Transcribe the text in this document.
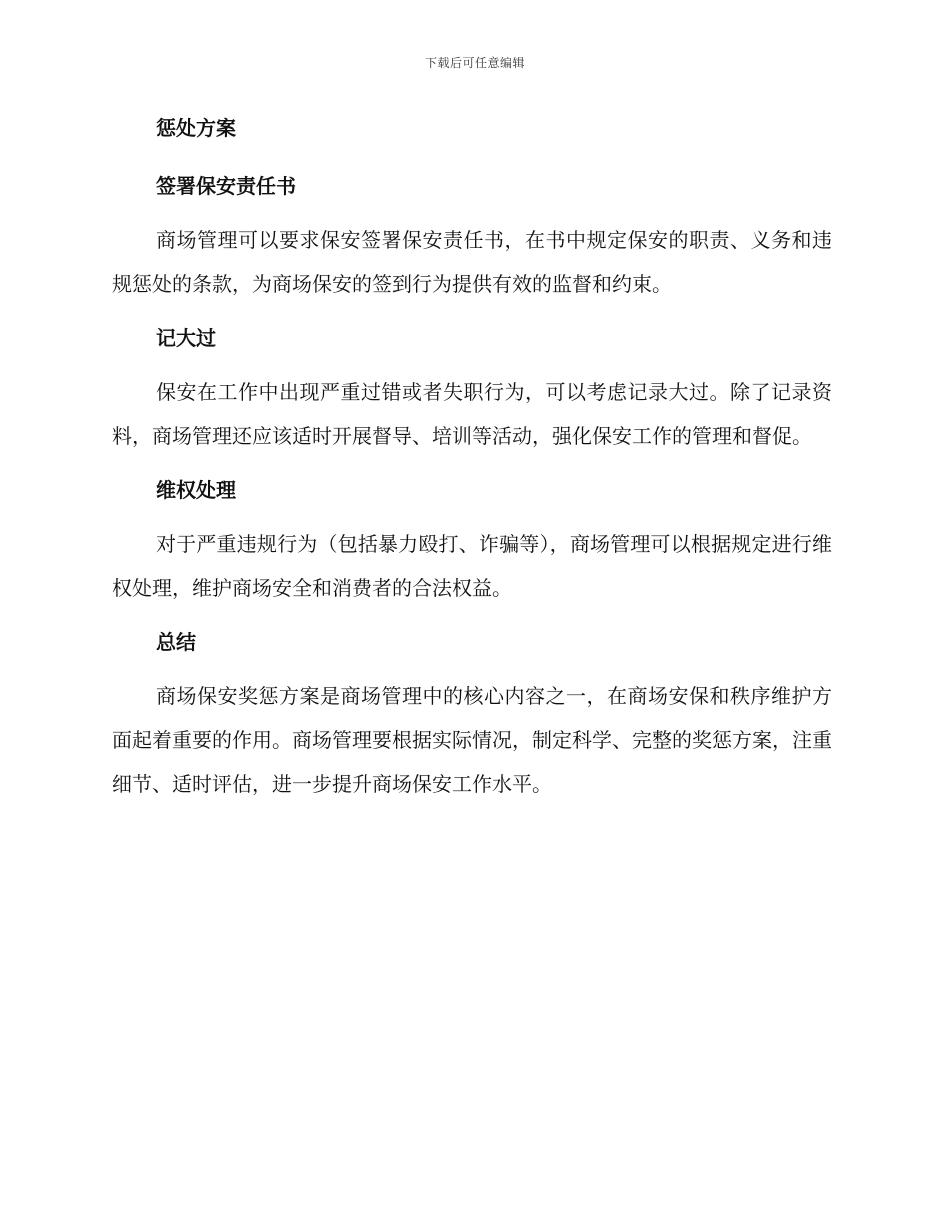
下载后可任意编辑
惩处方案
签署保安责任书

商场管理可以要求保安签署保安责任书，在书中规定保安的职责、义务和违规惩处的条款，为商场保安的签到行为提供有效的监督和约束。

记大过

保安在工作中出现严重过错或者失职行为，可以考虑记录大过。除了记录资料，商场管理还应该适时开展督导、培训等活动，强化保安工作的管理和督促。

维权处理

对于严重违规行为（包括暴力殴打、诈骗等），商场管理可以根据规定进行维权处理，维护商场安全和消费者的合法权益。

总结

商场保安奖惩方案是商场管理中的核心内容之一，在商场安保和秩序维护方面起着重要的作用。商场管理要根据实际情况，制定科学、完整的奖惩方案，注重细节、适时评估，进一步提升商场保安工作水平。
